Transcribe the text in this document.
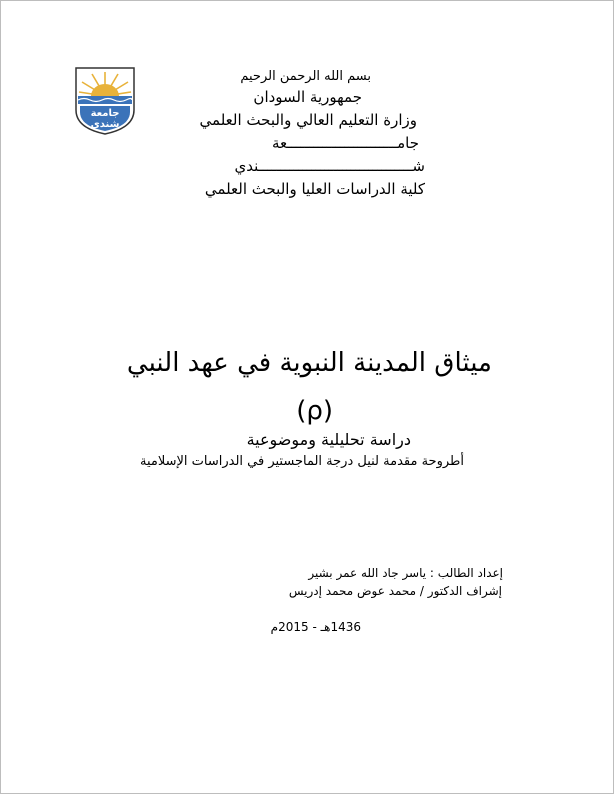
جامعة
شندي
بسم الله الرحمن الرحيم
جمهورية السودان
وزارة التعليم العالي والبحث العلمي
جامـــــــــــــــــــــــــعة
شـــــــــــــــــــــــــــــــــــندي
كلية الدراسات العليا والبحث العلمي
ميثاق المدينة النبوية في عهد النبي
(ρ)
دراسة تحليلية وموضوعية
أطروحة مقدمة لنيل درجة الماجستير في الدراسات الإسلامية
إعداد الطالب : ياسر جاد الله عمر بشير
إشراف الدكتور / محمد عوض محمد إدريس
1436هـ - 2015م
